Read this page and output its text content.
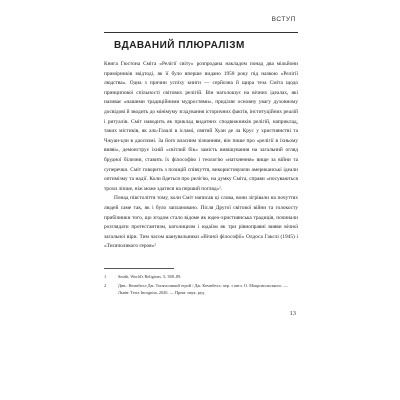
ВСТУП
ВДАВАНИЙ ПЛЮРАЛІЗМ

Книга Гюстона Сміта «Релігії світу» розпродана накладом понад два мільйони примірників звідтоді, як її було вперше видано 1958 року під назвою «Релігії людства». Одна з причин успіху книги — серйозна й щира теза Сміта щодо принципової спільності світових релігій. Він наголошує на вічних ідеалах, які називає «нашими традиційними мудростями», приділяє основну увагу духовному досвідові й зводить до мінімуму згадування історичних фактів, інституційних реалій і ритуалів. Сміт наводить як приклад видатних сподвижників релігій, наприклад, таких містиків, як аль-Газалі в ісламі, святий Хуан де ла Крус у християнстві та Чжуан-цзи в даосизмі. За його власним зізнанням, він пише про «релігії в їхньому вияві», демонструє їхній «світлий бік» замість вивішування на загальний огляд брудної білизни, ставить їх філософію і теологію «натхнення» вище за війни та суперечки. Сміт говорить з позицій співчуття, використовуючи американські ідеали оптимізму та надії. Коли йдеться про релігію, на думку Сміта, справи «посуваються трохи ліпше, ніж може здатися на перший погляд»¹.

Понад півстоліття тому, коли Сміт написав ці слова, вони зігрівали на почуттях людей саме так, як і було заплановано. Після Другої світової війни та голокосту прибічники того, що згодом стало відоме як юдео-християнська традиція, починали розглядати протестантизм, католицизм і юдаїзм як три рівноправні вияви вічної загальної віри. Тим часом шанувальники «Вічної філософії» Олдоса Гакслі (1945) і «Тисячоликого героя»²

1	Smith, World's Religions. 5, 388–89.
2	Див.: Кемпбелл Дж. Тисячоликий герой / Дж. Кемпбелл; пер. з англ. О. Мокровольського. — Львів: Terra Incognita, 2020. — Прим. наук. ред.
13
